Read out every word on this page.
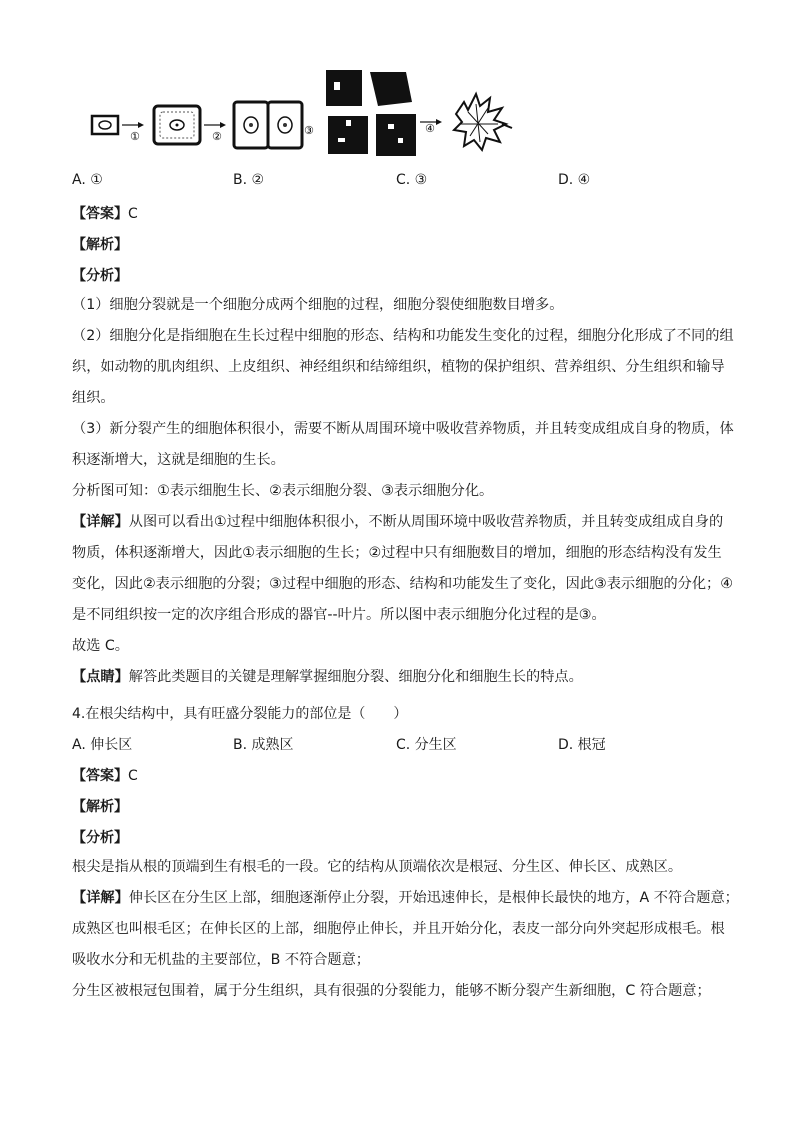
①	②	③	④
A. ①	B. ②	C. ③	D. ④
【答案】C
【解析】
【分析】
（1）细胞分裂就是一个细胞分成两个细胞的过程，细胞分裂使细胞数目增多。
（2）细胞分化是指细胞在生长过程中细胞的形态、结构和功能发生变化的过程，细胞分化形成了不同的组
织，如动物的肌肉组织、上皮组织、神经组织和结缔组织，植物的保护组织、营养组织、分生组织和输导
组织。
（3）新分裂产生的细胞体积很小，需要不断从周围环境中吸收营养物质，并且转变成组成自身的物质，体
积逐渐增大，这就是细胞的生长。
分析图可知：①表示细胞生长、②表示细胞分裂、③表示细胞分化。
【详解】从图可以看出①过程中细胞体积很小，不断从周围环境中吸收营养物质，并且转变成组成自身的
物质，体积逐渐增大，因此①表示细胞的生长；②过程中只有细胞数目的增加，细胞的形态结构没有发生
变化，因此②表示细胞的分裂；③过程中细胞的形态、结构和功能发生了变化，因此③表示细胞的分化；④
是不同组织按一定的次序组合形成的器官--叶片。所以图中表示细胞分化过程的是③。
故选 C。
【点睛】解答此类题目的关键是理解掌握细胞分裂、细胞分化和细胞生长的特点。
4.在根尖结构中，具有旺盛分裂能力的部位是（　　）
A. 伸长区	B. 成熟区	C. 分生区	D. 根冠
【答案】C
【解析】
【分析】
根尖是指从根的顶端到生有根毛的一段。它的结构从顶端依次是根冠、分生区、伸长区、成熟区。
【详解】伸长区在分生区上部，细胞逐渐停止分裂，开始迅速伸长，是根伸长最快的地方，A 不符合题意；
成熟区也叫根毛区；在伸长区的上部，细胞停止伸长，并且开始分化，表皮一部分向外突起形成根毛。根
吸收水分和无机盐的主要部位，B 不符合题意；
分生区被根冠包围着，属于分生组织，具有很强的分裂能力，能够不断分裂产生新细胞，C 符合题意；
